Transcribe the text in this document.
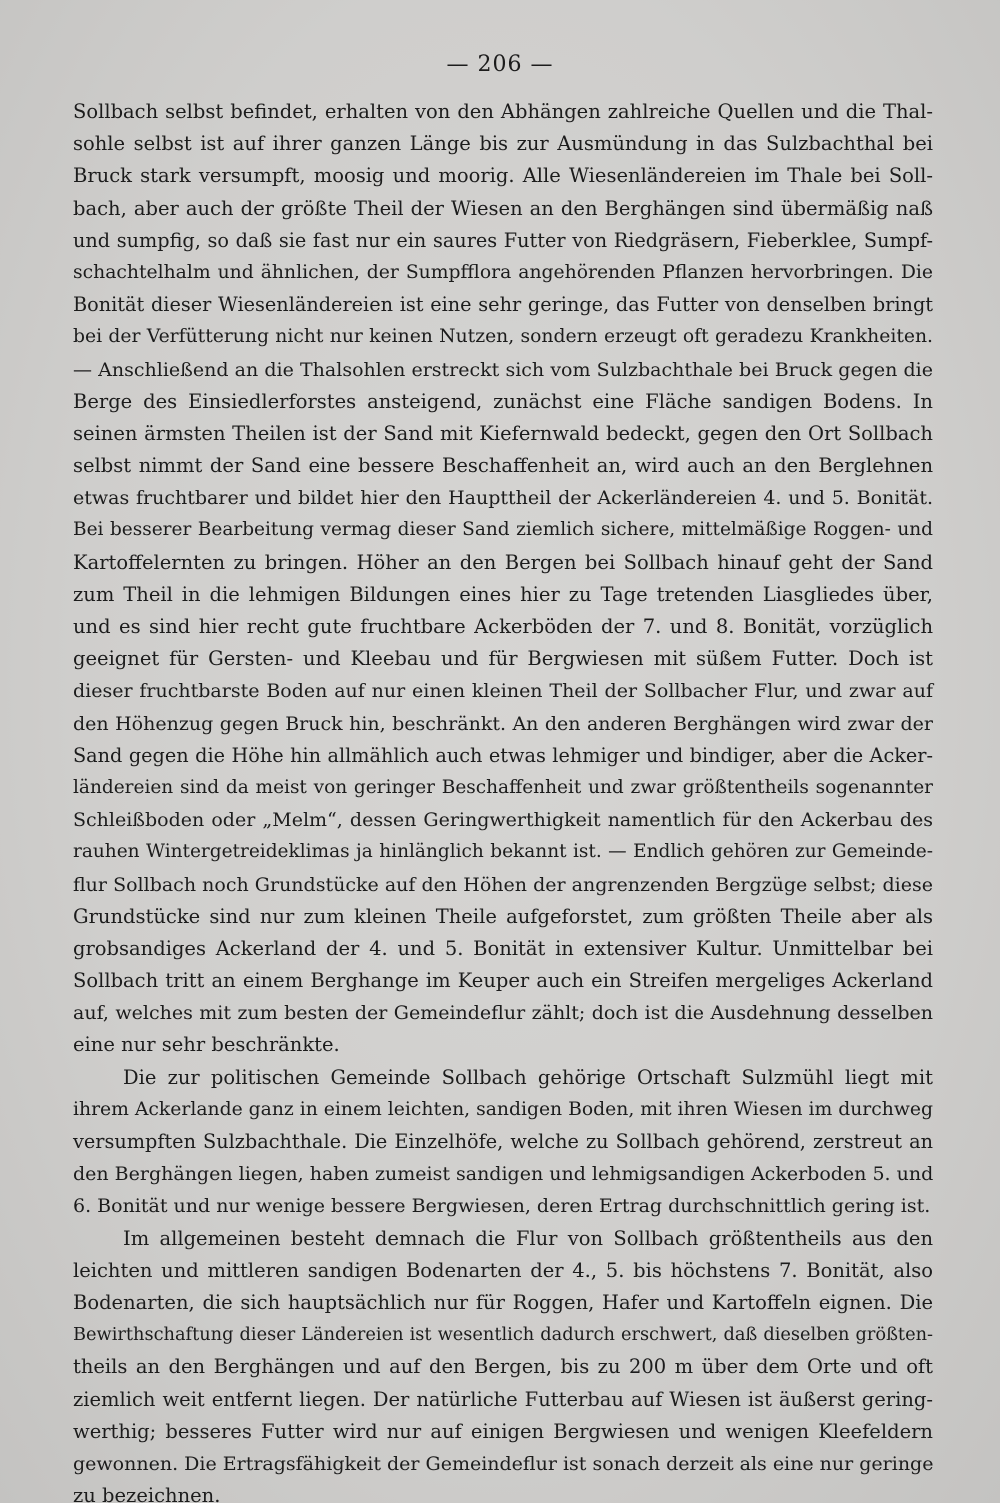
— 206 —
Sollbach selbst befindet, erhalten von den Abhängen zahlreiche Quellen und die Thal-
sohle selbst ist auf ihrer ganzen Länge bis zur Ausmündung in das Sulzbachthal bei
Bruck stark versumpft, moosig und moorig. Alle Wiesenländereien im Thale bei Soll-
bach, aber auch der größte Theil der Wiesen an den Berghängen sind übermäßig naß
und sumpfig, so daß sie fast nur ein saures Futter von Riedgräsern, Fieberklee, Sumpf-
schachtelhalm und ähnlichen, der Sumpfflora angehörenden Pflanzen hervorbringen. Die
Bonität dieser Wiesenländereien ist eine sehr geringe, das Futter von denselben bringt
bei der Verfütterung nicht nur keinen Nutzen, sondern erzeugt oft geradezu Krankheiten.
— Anschließend an die Thalsohlen erstreckt sich vom Sulzbachthale bei Bruck gegen die
Berge des Einsiedlerforstes ansteigend, zunächst eine Fläche sandigen Bodens. In
seinen ärmsten Theilen ist der Sand mit Kiefernwald bedeckt, gegen den Ort Sollbach
selbst nimmt der Sand eine bessere Beschaffenheit an, wird auch an den Berglehnen
etwas fruchtbarer und bildet hier den Haupttheil der Ackerländereien 4. und 5. Bonität.
Bei besserer Bearbeitung vermag dieser Sand ziemlich sichere, mittelmäßige Roggen- und
Kartoffelernten zu bringen. Höher an den Bergen bei Sollbach hinauf geht der Sand
zum Theil in die lehmigen Bildungen eines hier zu Tage tretenden Liasgliedes über,
und es sind hier recht gute fruchtbare Ackerböden der 7. und 8. Bonität, vorzüglich
geeignet für Gersten- und Kleebau und für Bergwiesen mit süßem Futter. Doch ist
dieser fruchtbarste Boden auf nur einen kleinen Theil der Sollbacher Flur, und zwar auf
den Höhenzug gegen Bruck hin, beschränkt. An den anderen Berghängen wird zwar der
Sand gegen die Höhe hin allmählich auch etwas lehmiger und bindiger, aber die Acker-
ländereien sind da meist von geringer Beschaffenheit und zwar größtentheils sogenannter
Schleißboden oder „Melm“, dessen Geringwerthigkeit namentlich für den Ackerbau des
rauhen Wintergetreideklimas ja hinlänglich bekannt ist. — Endlich gehören zur Gemeinde-
flur Sollbach noch Grundstücke auf den Höhen der angrenzenden Bergzüge selbst; diese
Grundstücke sind nur zum kleinen Theile aufgeforstet, zum größten Theile aber als
grobsandiges Ackerland der 4. und 5. Bonität in extensiver Kultur. Unmittelbar bei
Sollbach tritt an einem Berghange im Keuper auch ein Streifen mergeliges Ackerland
auf, welches mit zum besten der Gemeindeflur zählt; doch ist die Ausdehnung desselben
eine nur sehr beschränkte.
Die zur politischen Gemeinde Sollbach gehörige Ortschaft Sulzmühl liegt mit
ihrem Ackerlande ganz in einem leichten, sandigen Boden, mit ihren Wiesen im durchweg
versumpften Sulzbachthale. Die Einzelhöfe, welche zu Sollbach gehörend, zerstreut an
den Berghängen liegen, haben zumeist sandigen und lehmigsandigen Ackerboden 5. und
6. Bonität und nur wenige bessere Bergwiesen, deren Ertrag durchschnittlich gering ist.
Im allgemeinen besteht demnach die Flur von Sollbach größtentheils aus den
leichten und mittleren sandigen Bodenarten der 4., 5. bis höchstens 7. Bonität, also
Bodenarten, die sich hauptsächlich nur für Roggen, Hafer und Kartoffeln eignen. Die
Bewirthschaftung dieser Ländereien ist wesentlich dadurch erschwert, daß dieselben größten-
theils an den Berghängen und auf den Bergen, bis zu 200 m über dem Orte und oft
ziemlich weit entfernt liegen. Der natürliche Futterbau auf Wiesen ist äußerst gering-
werthig; besseres Futter wird nur auf einigen Bergwiesen und wenigen Kleefeldern
gewonnen. Die Ertragsfähigkeit der Gemeindeflur ist sonach derzeit als eine nur geringe
zu bezeichnen.
